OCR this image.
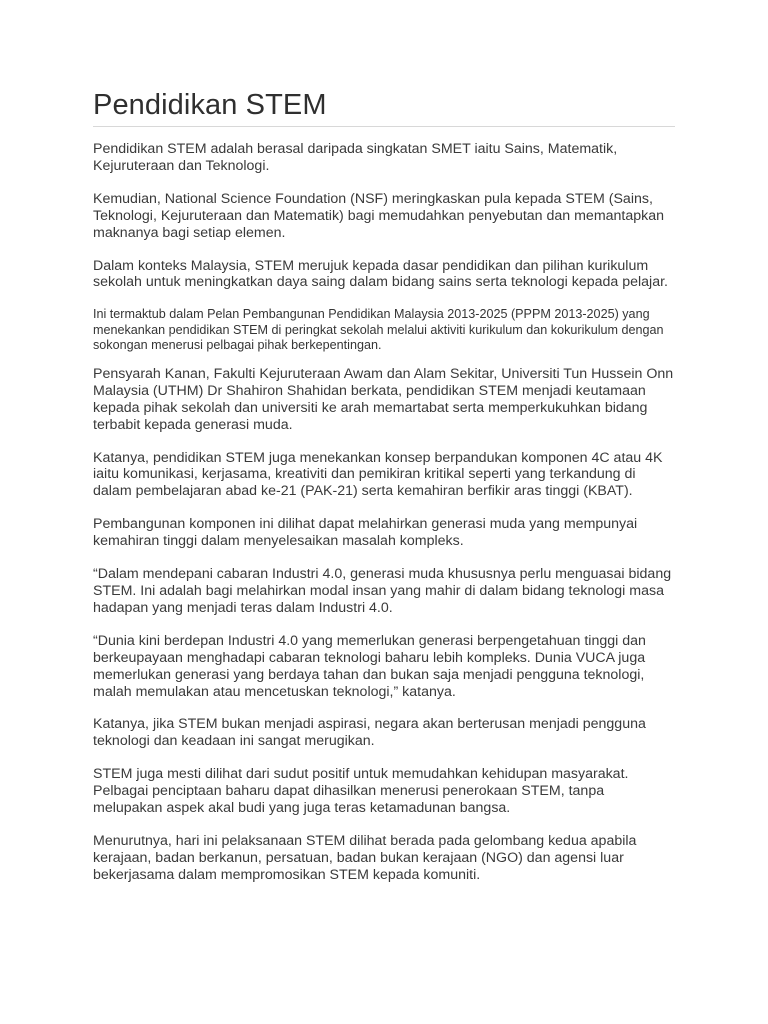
Pendidikan STEM

Pendidikan STEM adalah berasal daripada singkatan SMET iaitu Sains, Matematik, Kejuruteraan dan Teknologi.

Kemudian, National Science Foundation (NSF) meringkaskan pula kepada STEM (Sains, Teknologi, Kejuruteraan dan Matematik) bagi memudahkan penyebutan dan memantapkan maknanya bagi setiap elemen.

Dalam konteks Malaysia, STEM merujuk kepada dasar pendidikan dan pilihan kurikulum sekolah untuk meningkatkan daya saing dalam bidang sains serta teknologi kepada pelajar.

Ini termaktub dalam Pelan Pembangunan Pendidikan Malaysia 2013-2025 (PPPM 2013-2025) yang menekankan pendidikan STEM di peringkat sekolah melalui aktiviti kurikulum dan kokurikulum dengan sokongan menerusi pelbagai pihak berkepentingan.

Pensyarah Kanan, Fakulti Kejuruteraan Awam dan Alam Sekitar, Universiti Tun Hussein Onn Malaysia (UTHM) Dr Shahiron Shahidan berkata, pendidikan STEM menjadi keutamaan kepada pihak sekolah dan universiti ke arah memartabat serta memperkukuhkan bidang terbabit kepada generasi muda.

Katanya, pendidikan STEM juga menekankan konsep berpandukan komponen 4C atau 4K iaitu komunikasi, kerjasama, kreativiti dan pemikiran kritikal seperti yang terkandung di dalam pembelajaran abad ke-21 (PAK-21) serta kemahiran berfikir aras tinggi (KBAT).

Pembangunan komponen ini dilihat dapat melahirkan generasi muda yang mempunyai kemahiran tinggi dalam menyelesaikan masalah kompleks.

“Dalam mendepani cabaran Industri 4.0, generasi muda khususnya perlu menguasai bidang STEM. Ini adalah bagi melahirkan modal insan yang mahir di dalam bidang teknologi masa hadapan yang menjadi teras dalam Industri 4.0.

“Dunia kini berdepan Industri 4.0 yang memerlukan generasi berpengetahuan tinggi dan berkeupayaan menghadapi cabaran teknologi baharu lebih kompleks. Dunia VUCA juga memerlukan generasi yang berdaya tahan dan bukan saja menjadi pengguna teknologi, malah memulakan atau mencetuskan teknologi,” katanya.

Katanya, jika STEM bukan menjadi aspirasi, negara akan berterusan menjadi pengguna teknologi dan keadaan ini sangat merugikan.

STEM juga mesti dilihat dari sudut positif untuk memudahkan kehidupan masyarakat. Pelbagai penciptaan baharu dapat dihasilkan menerusi penerokaan STEM, tanpa melupakan aspek akal budi yang juga teras ketamadunan bangsa.

Menurutnya, hari ini pelaksanaan STEM dilihat berada pada gelombang kedua apabila kerajaan, badan berkanun, persatuan, badan bukan kerajaan (NGO) dan agensi luar bekerjasama dalam mempromosikan STEM kepada komuniti.
